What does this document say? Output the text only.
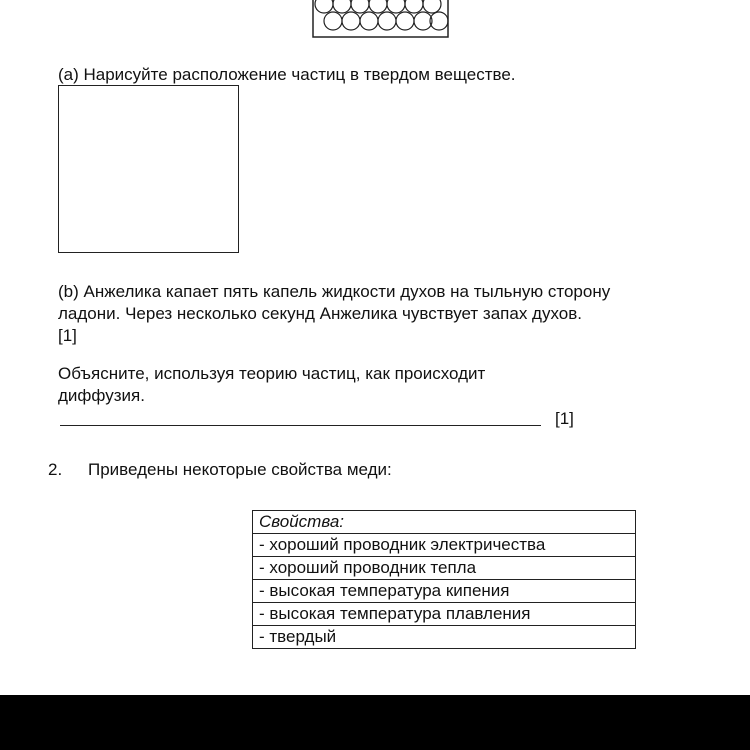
(a) Нарисуйте расположение частиц в твердом веществе.
(b) Анжелика капает пять капель жидкости духов на тыльную сторону
ладони. Через несколько секунд Анжелика чувствует запах духов.
[1]
Объясните, используя теорию частиц, как происходит
диффузия.
[1]
2. Приведены некоторые свойства меди:
Свойства:
- хороший проводник электричества
- хороший проводник тепла
- высокая температура кипения
- высокая температура плавления
- твердый
